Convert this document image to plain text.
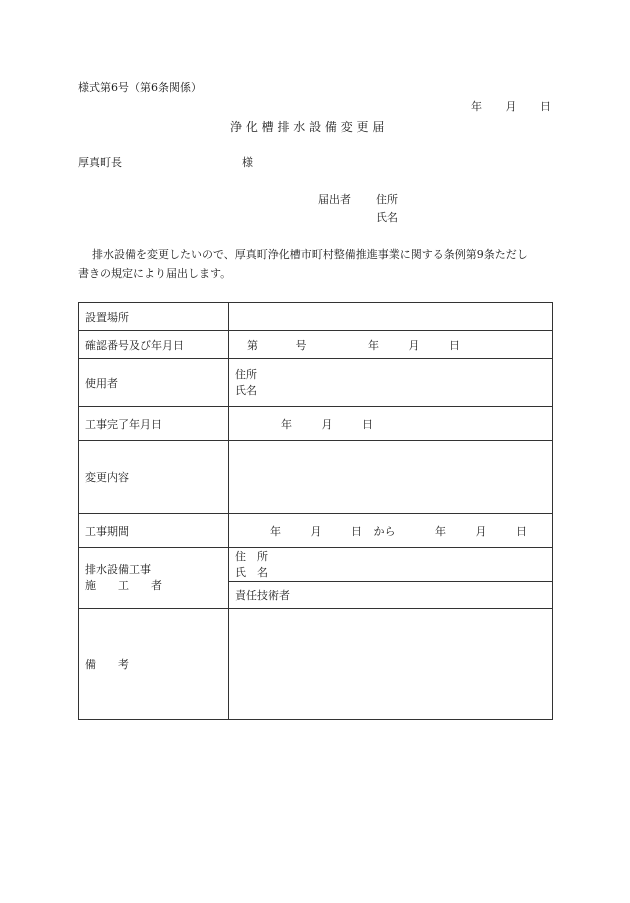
様式第6号（第6条関係）
年 月 日
浄 化 槽 排 水 設 備 変 更 届
厚真町長	様
届出者 住所
氏名
排水設備を変更したいので、厚真町浄化槽市町村整備推進事業に関する条例第9条ただし
書きの規定により届出します。
設置場所	
確認番号及び年月日	第 号 年 月 日
使用者	住所
氏名

工事完了年月日	年 月 日
変更内容	
工事期間	年 月 日 から 年 月 日

排水設備工事
施　　工　　者	住　所
氏　名

	責任技術者
備　　考	
